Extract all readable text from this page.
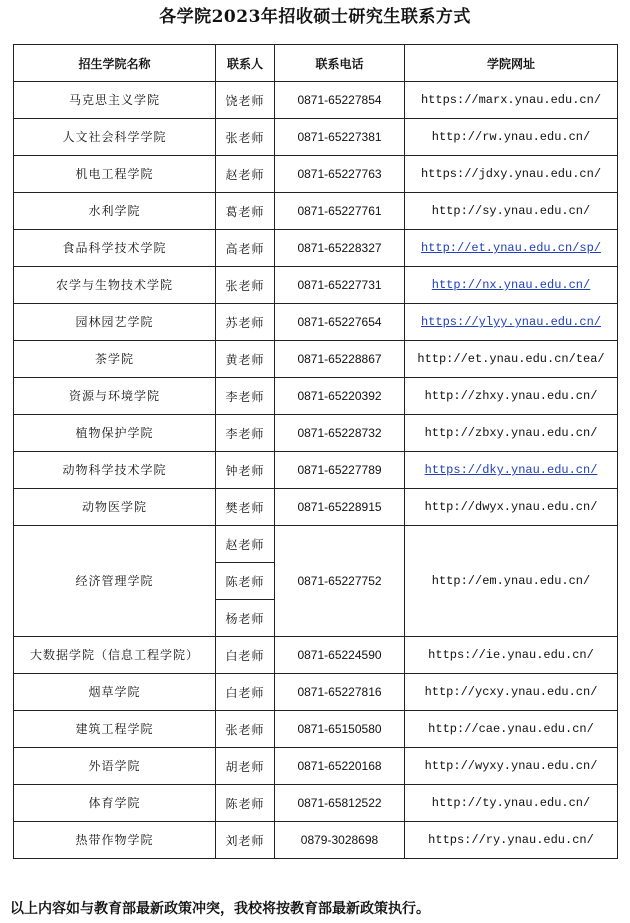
各学院2023年招收硕士研究生联系方式
招生学院名称	联系人	联系电话	学院网址
马克思主义学院	饶老师	0871-65227854	https://marx.ynau.edu.cn/
人文社会科学学院	张老师	0871-65227381	http://rw.ynau.edu.cn/
机电工程学院	赵老师	0871-65227763	https://jdxy.ynau.edu.cn/
水利学院	葛老师	0871-65227761	http://sy.ynau.edu.cn/
食品科学技术学院	高老师	0871-65228327	http://et.ynau.edu.cn/sp/
农学与生物技术学院	张老师	0871-65227731	http://nx.ynau.edu.cn/
园林园艺学院	苏老师	0871-65227654	https://ylyy.ynau.edu.cn/
茶学院	黄老师	0871-65228867	http://et.ynau.edu.cn/tea/
资源与环境学院	李老师	0871-65220392	http://zhxy.ynau.edu.cn/
植物保护学院	李老师	0871-65228732	http://zbxy.ynau.edu.cn/
动物科学技术学院	钟老师	0871-65227789	https://dky.ynau.edu.cn/
动物医学院	樊老师	0871-65228915	http://dwyx.ynau.edu.cn/
经济管理学院	赵老师	0871-65227752	http://em.ynau.edu.cn/
	陈老师		
	杨老师		
大数据学院（信息工程学院）	白老师	0871-65224590	https://ie.ynau.edu.cn/
烟草学院	白老师	0871-65227816	http://ycxy.ynau.edu.cn/
建筑工程学院	张老师	0871-65150580	http://cae.ynau.edu.cn/
外语学院	胡老师	0871-65220168	http://wyxy.ynau.edu.cn/
体育学院	陈老师	0871-65812522	http://ty.ynau.edu.cn/
热带作物学院	刘老师	0879-3028698	https://ry.ynau.edu.cn/
以上内容如与教育部最新政策冲突，我校将按教育部最新政策执行。
